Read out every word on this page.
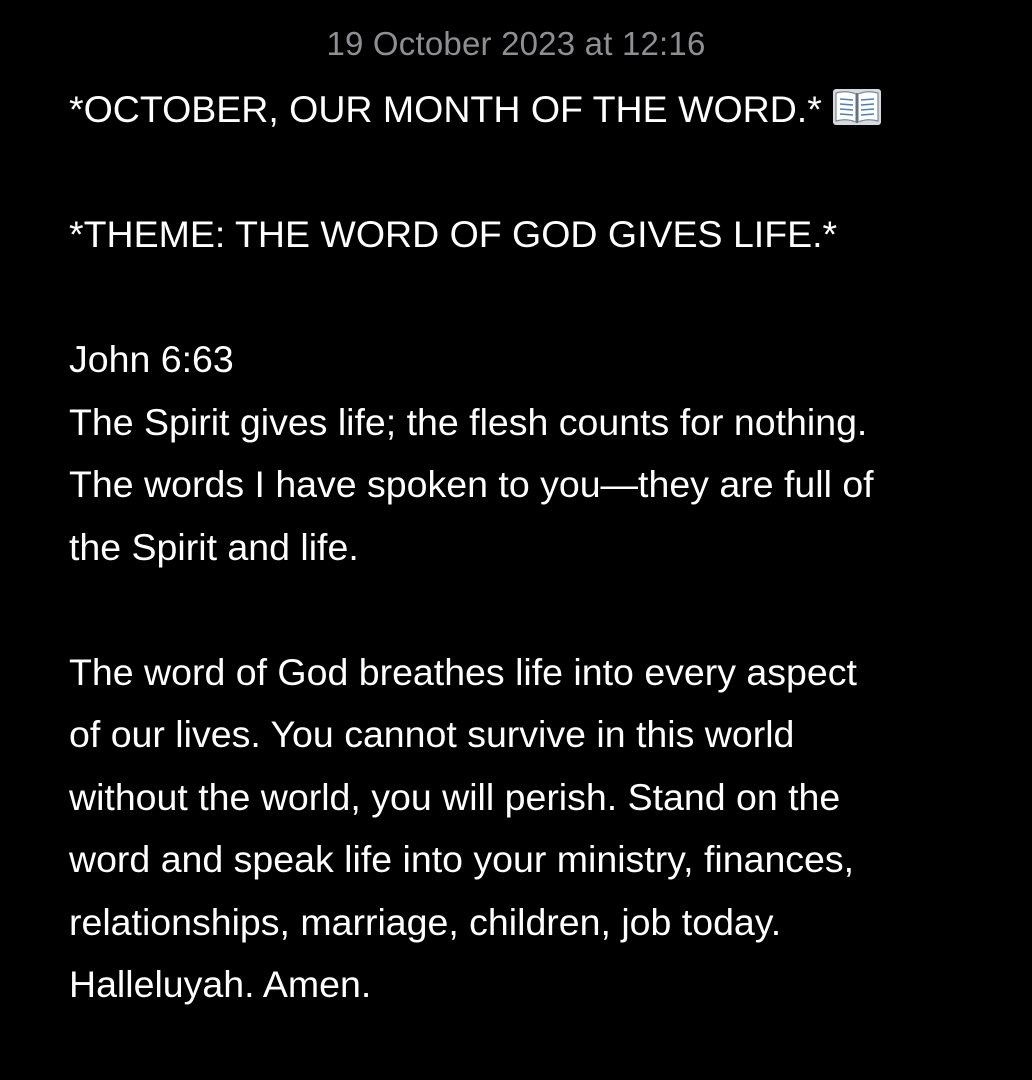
19 October 2023 at 12:16
*OCTOBER, OUR MONTH OF THE WORD.*
*THEME: THE WORD OF GOD GIVES LIFE.*
John 6:63
The Spirit gives life; the flesh counts for nothing.
The words I have spoken to you—they are full of
the Spirit and life.
The word of God breathes life into every aspect
of our lives. You cannot survive in this world
without the world, you will perish. Stand on the
word and speak life into your ministry, finances,
relationships, marriage, children, job today.
Halleluyah. Amen.
